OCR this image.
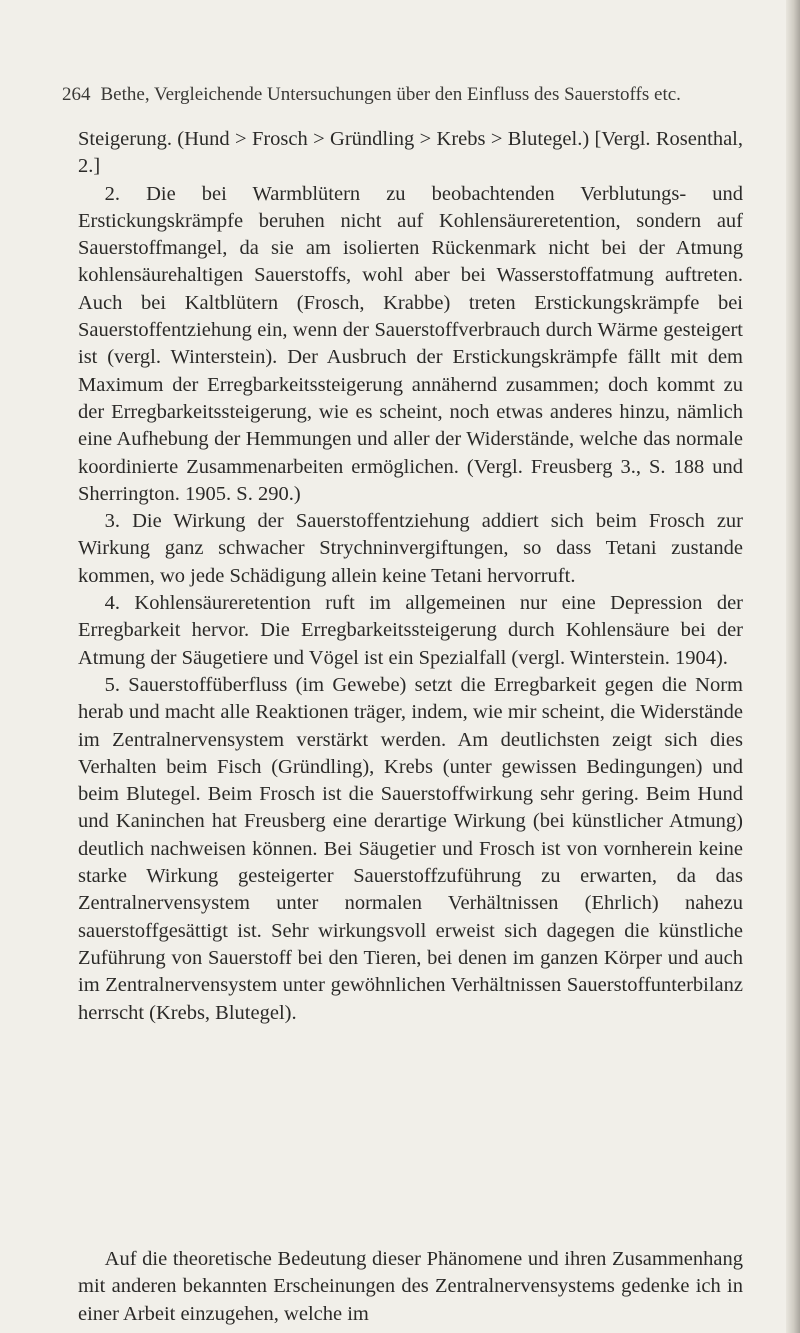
264 Bethe, Vergleichende Untersuchungen über den Einfluss des Sauerstoffs etc.

Steigerung. (Hund > Frosch > Gründling > Krebs > Blutegel.) [Vergl. Rosenthal, 2.]

2. Die bei Warmblütern zu beobachtenden Verblutungs- und Erstickungskrämpfe beruhen nicht auf Kohlensäureretention, sondern auf Sauerstoffmangel, da sie am isolierten Rückenmark nicht bei der Atmung kohlensäurehaltigen Sauerstoffs, wohl aber bei Wasserstoffatmung auftreten. Auch bei Kaltblütern (Frosch, Krabbe) treten Erstickungskrämpfe bei Sauerstoffentziehung ein, wenn der Sauerstoffverbrauch durch Wärme gesteigert ist (vergl. Winterstein). Der Ausbruch der Erstickungskrämpfe fällt mit dem Maximum der Erregbarkeitssteigerung annähernd zusammen; doch kommt zu der Erregbarkeitssteigerung, wie es scheint, noch etwas anderes hinzu, nämlich eine Aufhebung der Hemmungen und aller der Widerstände, welche das normale koordinierte Zusammenarbeiten ermöglichen. (Vergl. Freusberg 3., S. 188 und Sherrington. 1905. S. 290.)

3. Die Wirkung der Sauerstoffentziehung addiert sich beim Frosch zur Wirkung ganz schwacher Strychninvergiftungen, so dass Tetani zustande kommen, wo jede Schädigung allein keine Tetani hervorruft.

4. Kohlensäureretention ruft im allgemeinen nur eine Depression der Erregbarkeit hervor. Die Erregbarkeitssteigerung durch Kohlensäure bei der Atmung der Säugetiere und Vögel ist ein Spezialfall (vergl. Winterstein. 1904).

5. Sauerstoffüberfluss (im Gewebe) setzt die Erregbarkeit gegen die Norm herab und macht alle Reaktionen träger, indem, wie mir scheint, die Widerstände im Zentralnervensystem verstärkt werden. Am deutlichsten zeigt sich dies Verhalten beim Fisch (Gründling), Krebs (unter gewissen Bedingungen) und beim Blutegel. Beim Frosch ist die Sauerstoffwirkung sehr gering. Beim Hund und Kaninchen hat Freusberg eine derartige Wirkung (bei künstlicher Atmung) deutlich nachweisen können. Bei Säugetier und Frosch ist von vornherein keine starke Wirkung gesteigerter Sauerstoffzuführung zu erwarten, da das Zentralnervensystem unter normalen Verhältnissen (Ehrlich) nahezu sauerstoffgesättigt ist. Sehr wirkungsvoll erweist sich dagegen die künstliche Zuführung von Sauerstoff bei den Tieren, bei denen im ganzen Körper und auch im Zentralnervensystem unter gewöhnlichen Verhältnissen Sauerstoffunterbilanz herrscht (Krebs, Blutegel).

Auf die theoretische Bedeutung dieser Phänomene und ihren Zusammenhang mit anderen bekannten Erscheinungen des Zentralnervensystems gedenke ich in einer Arbeit einzugehen, welche im
